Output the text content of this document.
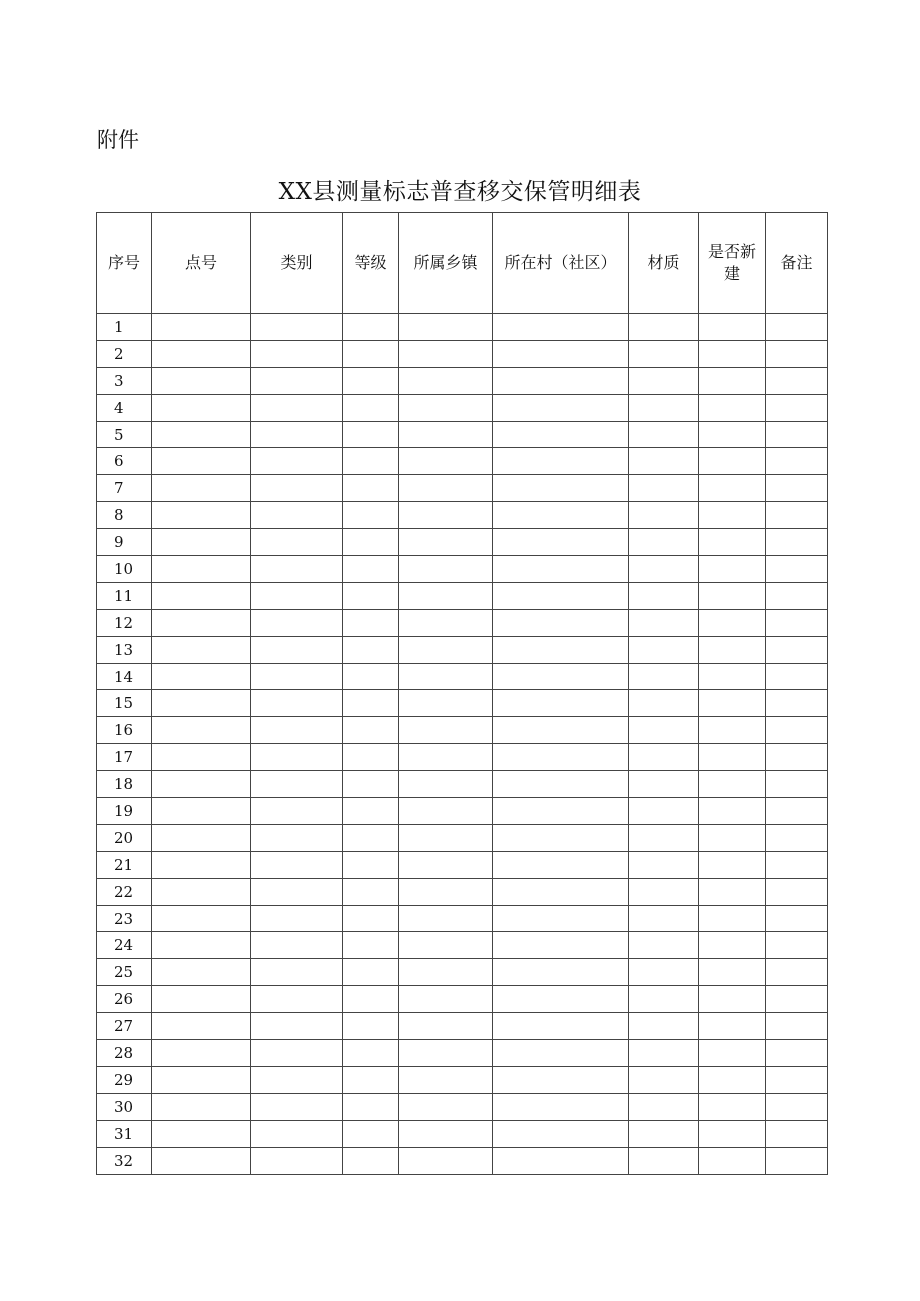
附件
XX县测量标志普查移交保管明细表
序号	点号	类别	等级	所属乡镇	所在村（社区）	材质	是否新建	备注
1								
2								
3								
4								
5								
6								
7								
8								
9								
10								
11								
12								
13								
14								
15								
16								
17								
18								
19								
20								
21								
22								
23								
24								
25								
26								
27								
28								
29								
30								
31								
32								
